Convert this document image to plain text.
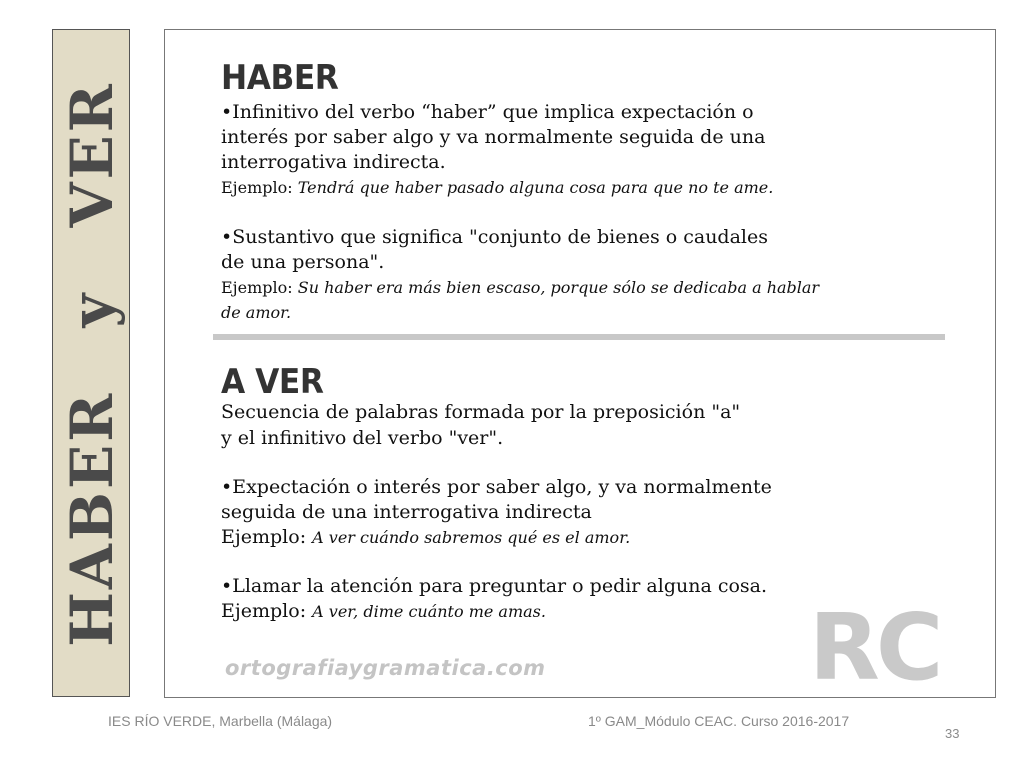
HABER y VER
HABER
•Infinitivo del verbo “haber” que implica expectación o
interés por saber algo y va normalmente seguida de una
interrogativa indirecta.
Ejemplo: Tendrá que haber pasado alguna cosa para que no te ame.
•Sustantivo que significa "conjunto de bienes o caudales
de una persona".
Ejemplo: Su haber era más bien escaso, porque sólo se dedicaba a hablar
de amor.
A VER
Secuencia de palabras formada por la preposición "a"
y el infinitivo del verbo "ver".
•Expectación o interés por saber algo, y va normalmente
seguida de una interrogativa indirecta
Ejemplo: A ver cuándo sabremos qué es el amor.
•Llamar la atención para preguntar o pedir alguna cosa.
Ejemplo: A ver, dime cuánto me amas.
ortografiaygramatica.com	RC
IES RÍO VERDE, Marbella (Málaga)	1º GAM_Módulo CEAC. Curso 2016-2017
33
